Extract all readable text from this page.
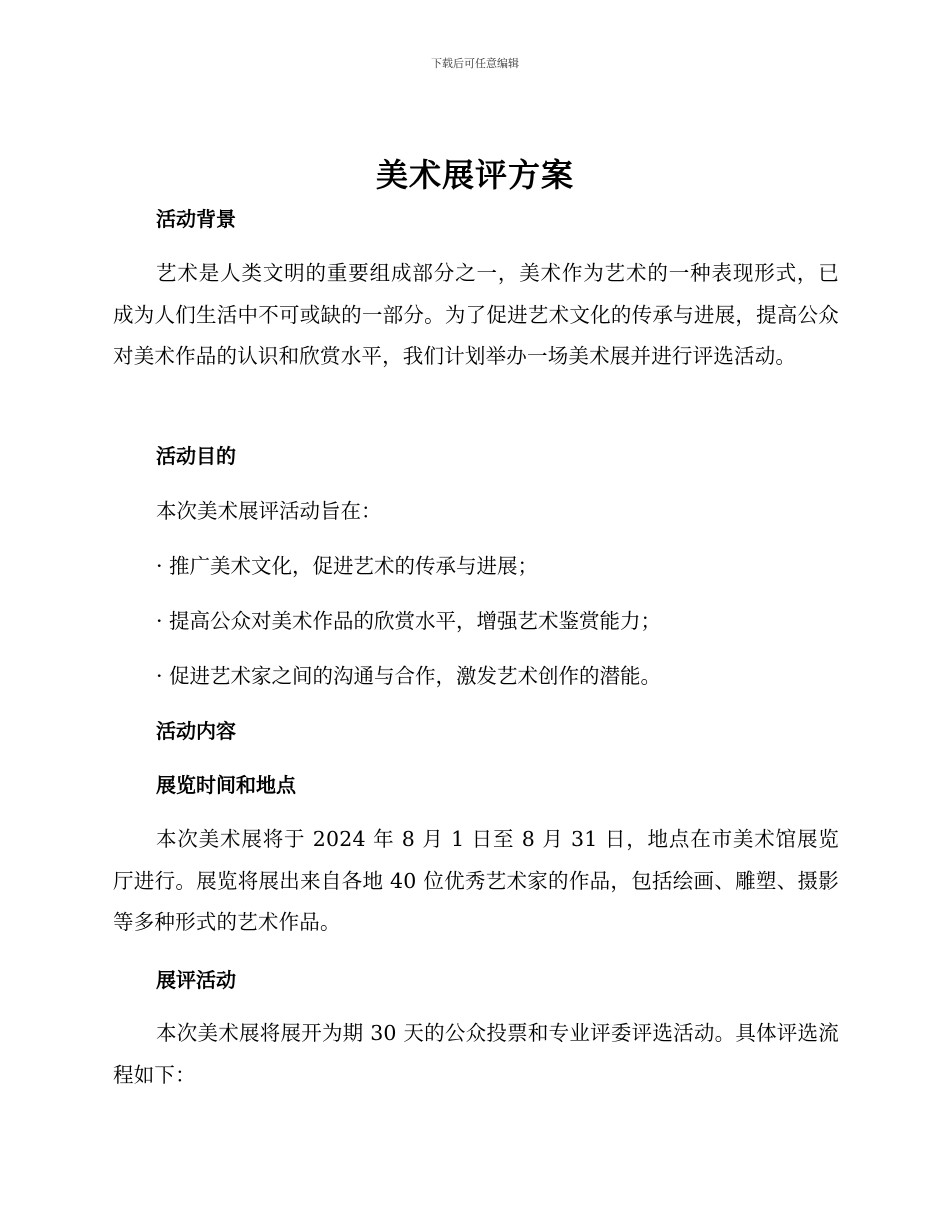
下载后可任意编辑
美术展评方案
活动背景
艺术是人类文明的重要组成部分之一，美术作为艺术的一种表现形式，已成为人们生活中不可或缺的一部分。为了促进艺术文化的传承与进展，提高公众对美术作品的认识和欣赏水平，我们计划举办一场美术展并进行评选活动。
活动目的
本次美术展评活动旨在：
· 推广美术文化，促进艺术的传承与进展；
· 提高公众对美术作品的欣赏水平，增强艺术鉴赏能力；
· 促进艺术家之间的沟通与合作，激发艺术创作的潜能。
活动内容
展览时间和地点
本次美术展将于 2024 年 8 月 1 日至 8 月 31 日，地点在市美术馆展览厅进行。展览将展出来自各地 40 位优秀艺术家的作品，包括绘画、雕塑、摄影等多种形式的艺术作品。
展评活动
本次美术展将展开为期 30 天的公众投票和专业评委评选活动。具体评选流程如下：
